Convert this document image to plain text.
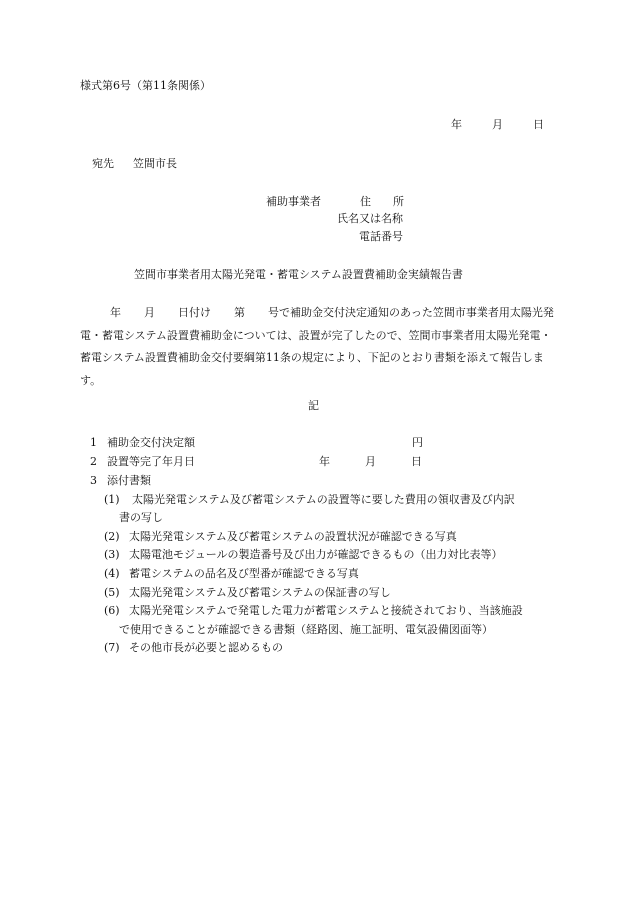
様式第6号（第11条関係）
年	月	日
宛先 笠間市長
補助事業者	住　　所
氏名又は名称
電話番号
笠間市事業者用太陽光発電・蓄電システム設置費補助金実績報告書
年 月 日付け 第 号で補助金交付決定通知のあった笠間市事業者用太陽光発電・蓄電システム設置費補助金については、設置が完了したので、笠間市事業者用太陽光発電・蓄電システム設置費補助金交付要綱第11条の規定により、下記のとおり書類を添えて報告します。
記
1 補助金交付決定額	円
2 設置等完了年月日	年	月	日
3 添付書類
(1) 太陽光発電システム及び蓄電システムの設置等に要した費用の領収書及び内訳
書の写し
(2) 太陽光発電システム及び蓄電システムの設置状況が確認できる写真
(3) 太陽電池モジュールの製造番号及び出力が確認できるもの（出力対比表等）
(4) 蓄電システムの品名及び型番が確認できる写真
(5) 太陽光発電システム及び蓄電システムの保証書の写し
(6) 太陽光発電システムで発電した電力が蓄電システムと接続されており、当該施設
で使用できることが確認できる書類（経路図、施工証明、電気設備図面等）
(7) その他市長が必要と認めるもの
